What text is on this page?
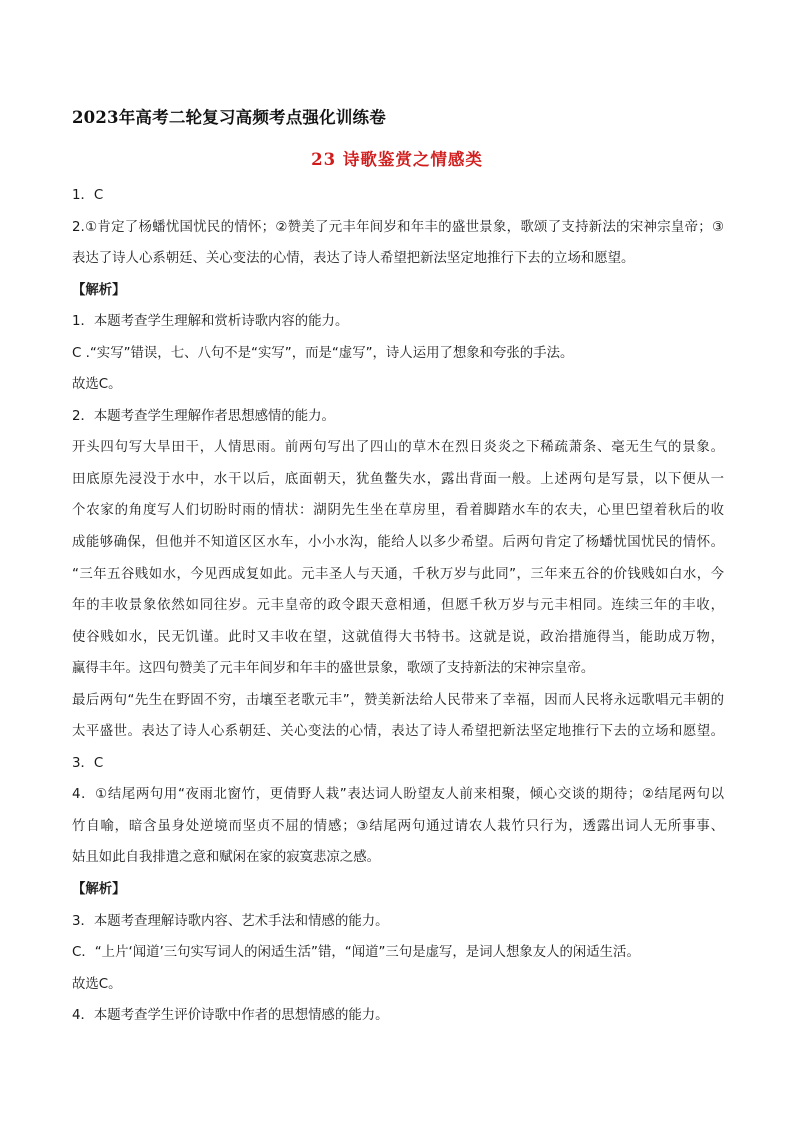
2023年高考二轮复习高频考点强化训练卷
23 诗歌鉴赏之情感类
1．C
2.①肯定了杨蟠忧国忧民的情怀；②赞美了元丰年间岁和年丰的盛世景象，歌颂了支持新法的宋神宗皇帝；③
表达了诗人心系朝廷、关心变法的心情，表达了诗人希望把新法坚定地推行下去的立场和愿望。
【解析】
1．本题考查学生理解和赏析诗歌内容的能力。
C .“实写”错误，七、八句不是“实写”，而是“虚写”，诗人运用了想象和夸张的手法。
故选C。
2．本题考查学生理解作者思想感情的能力。
开头四句写大旱田干，人情思雨。前两句写出了四山的草木在烈日炎炎之下稀疏萧条、毫无生气的景象。
田底原先浸没于水中，水干以后，底面朝天，犹鱼鳖失水，露出背面一般。上述两句是写景，以下便从一
个农家的角度写人们切盼时雨的情状：湖阴先生坐在草房里，看着脚踏水车的农夫，心里巴望着秋后的收
成能够确保，但他并不知道区区水车，小小水沟，能给人以多少希望。后两句肯定了杨蟠忧国忧民的情怀。
“三年五谷贱如水，今见西成复如此。元丰圣人与天通，千秋万岁与此同”，三年来五谷的价钱贱如白水，今
年的丰收景象依然如同往岁。元丰皇帝的政令跟天意相通，但愿千秋万岁与元丰相同。连续三年的丰收，
使谷贱如水，民无饥谨。此时又丰收在望，这就值得大书特书。这就是说，政治措施得当，能助成万物，
赢得丰年。这四句赞美了元丰年间岁和年丰的盛世景象，歌颂了支持新法的宋神宗皇帝。
最后两句“先生在野固不穷，击壤至老歌元丰”，赞美新法给人民带来了幸福，因而人民将永远歌唱元丰朝的
太平盛世。表达了诗人心系朝廷、关心变法的心情，表达了诗人希望把新法坚定地推行下去的立场和愿望。
3．C
4．①结尾两句用“夜雨北窗竹，更倩野人栽”表达词人盼望友人前来相聚，倾心交谈的期待；②结尾两句以
竹自喻，暗含虽身处逆境而坚贞不屈的情感；③结尾两句通过请农人栽竹只行为，透露出词人无所事事、
姑且如此自我排遣之意和赋闲在家的寂寞悲凉之感。
【解析】
3．本题考查理解诗歌内容、艺术手法和情感的能力。
C．“上片‘闻道’三句实写词人的闲适生活”错，“闻道”三句是虚写，是词人想象友人的闲适生活。
故选C。
4．本题考查学生评价诗歌中作者的思想情感的能力。
